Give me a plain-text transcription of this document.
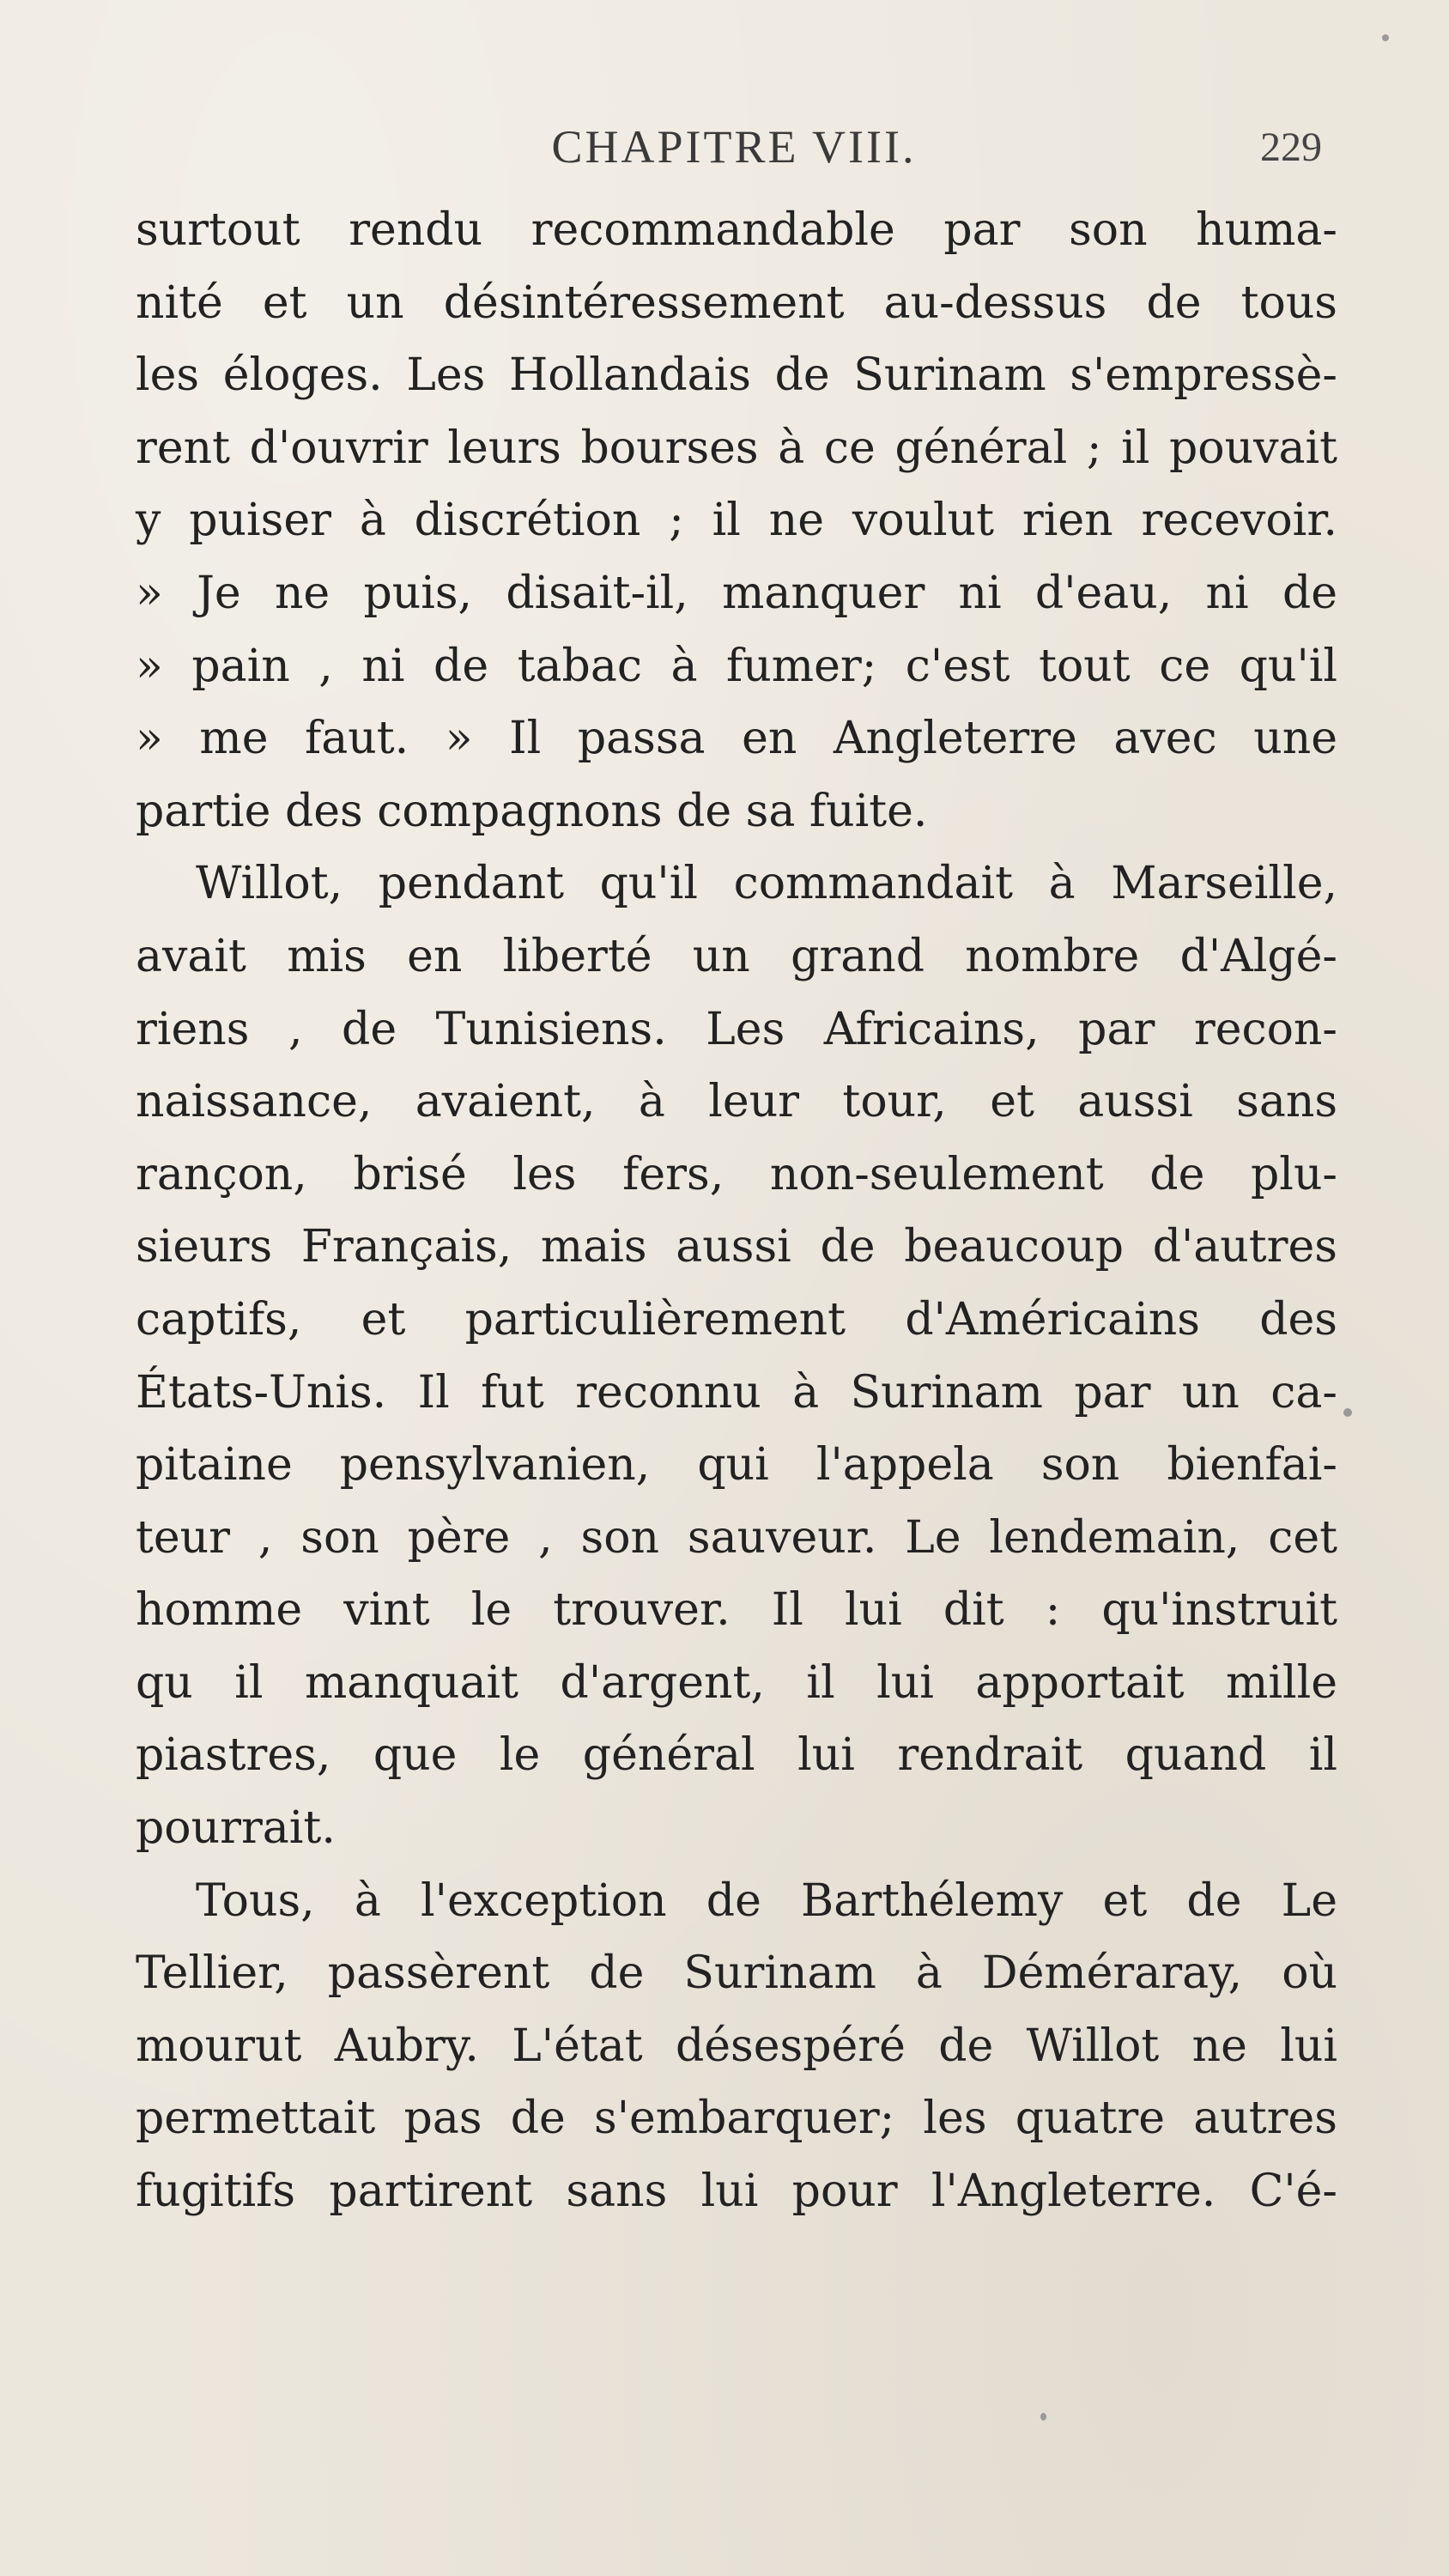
CHAPITRE VIII.	229
surtout rendu recommandable par son huma-
nité et un désintéressement au-dessus de tous
les éloges. Les Hollandais de Surinam s'empressè-
rent d'ouvrir leurs bourses à ce général ; il pouvait
y puiser à discrétion ; il ne voulut rien recevoir.
» Je ne puis, disait-il, manquer ni d'eau, ni de
» pain , ni de tabac à fumer; c'est tout ce qu'il
» me faut. » Il passa en Angleterre avec une
partie des compagnons de sa fuite.
Willot, pendant qu'il commandait à Marseille,
avait mis en liberté un grand nombre d'Algé-
riens , de Tunisiens. Les Africains, par recon-
naissance, avaient, à leur tour, et aussi sans
rançon, brisé les fers, non-seulement de plu-
sieurs Français, mais aussi de beaucoup d'autres
captifs, et particulièrement d'Américains des
États-Unis. Il fut reconnu à Surinam par un ca-
pitaine pensylvanien, qui l'appela son bienfai-
teur , son père , son sauveur. Le lendemain, cet
homme vint le trouver. Il lui dit : qu'instruit
qu il manquait d'argent, il lui apportait mille
piastres, que le général lui rendrait quand il
pourrait.
Tous, à l'exception de Barthélemy et de Le
Tellier, passèrent de Surinam à Déméraray, où
mourut Aubry. L'état désespéré de Willot ne lui
permettait pas de s'embarquer; les quatre autres
fugitifs partirent sans lui pour l'Angleterre. C'é-
